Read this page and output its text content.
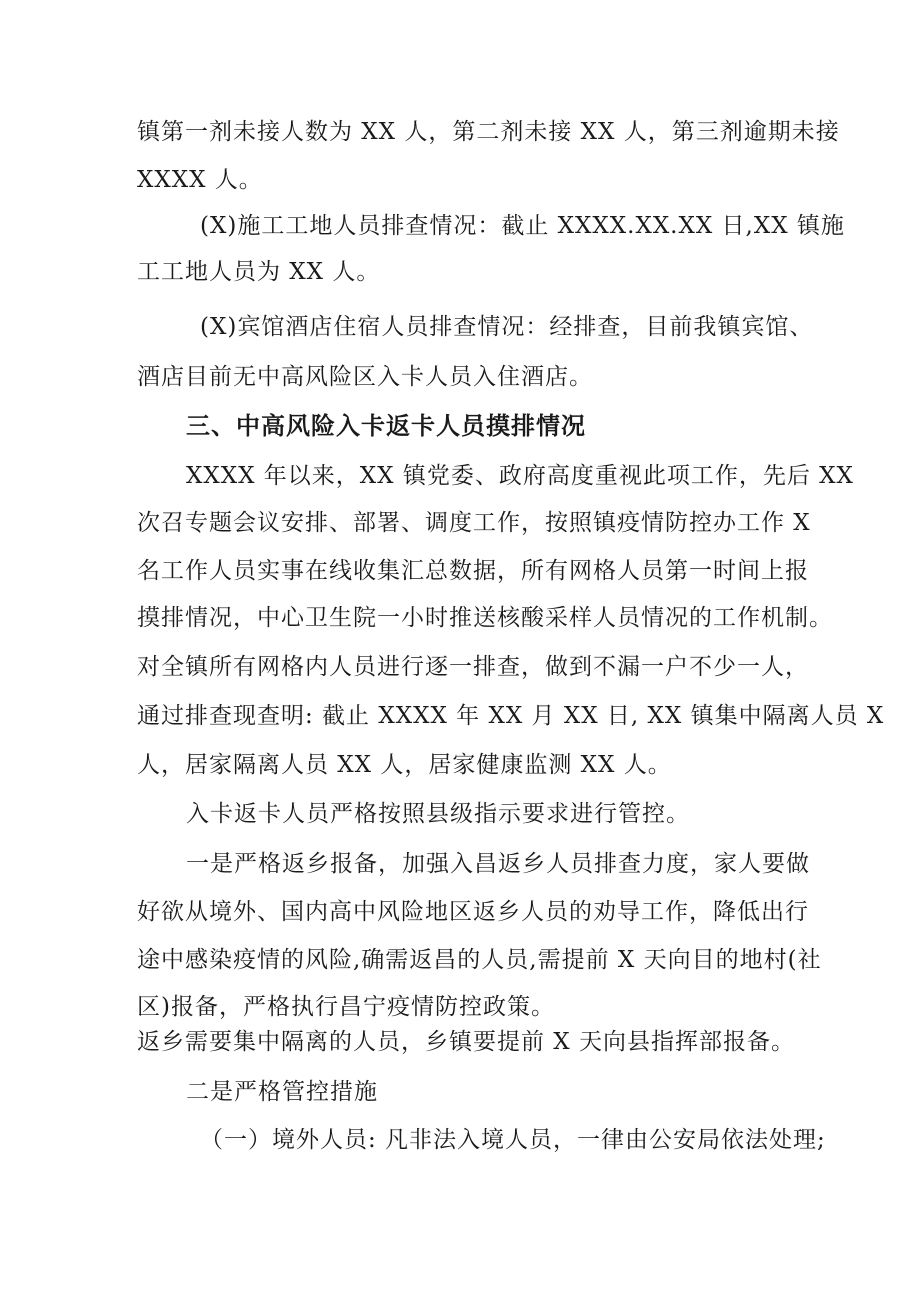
镇第一剂未接人数为 XX 人，第二剂未接 XX 人，第三剂逾期未接
XXXX 人。
(X)施工工地人员排查情况：截止 XXXX.XX.XX 日,XX 镇施
工工地人员为 XX 人。
(X)宾馆酒店住宿人员排查情况：经排查，目前我镇宾馆、
酒店目前无中高风险区入卡人员入住酒店。
三、中高风险入卡返卡人员摸排情况
XXXX 年以来，XX 镇党委、政府高度重视此项工作，先后 XX
次召专题会议安排、部署、调度工作，按照镇疫情防控办工作 X
名工作人员实事在线收集汇总数据，所有网格人员第一时间上报
摸排情况，中心卫生院一小时推送核酸采样人员情况的工作机制。
对全镇所有网格内人员进行逐一排查，做到不漏一户不少一人，
通过排查现查明: 截止 XXXX 年 XX 月 XX 日, XX 镇集中隔离人员 X
人，居家隔离人员 XX 人，居家健康监测 XX 人。
入卡返卡人员严格按照县级指示要求进行管控。
一是严格返乡报备，加强入昌返乡人员排查力度，家人要做
好欲从境外、国内高中风险地区返乡人员的劝导工作，降低出行
途中感染疫情的风险,确需返昌的人员,需提前 X 天向目的地村(社
区)报备，严格执行昌宁疫情防控政策。
返乡需要集中隔离的人员，乡镇要提前 X 天向县指挥部报备。
二是严格管控措施
（一）境外人员: 凡非法入境人员，一律由公安局依法处理;
